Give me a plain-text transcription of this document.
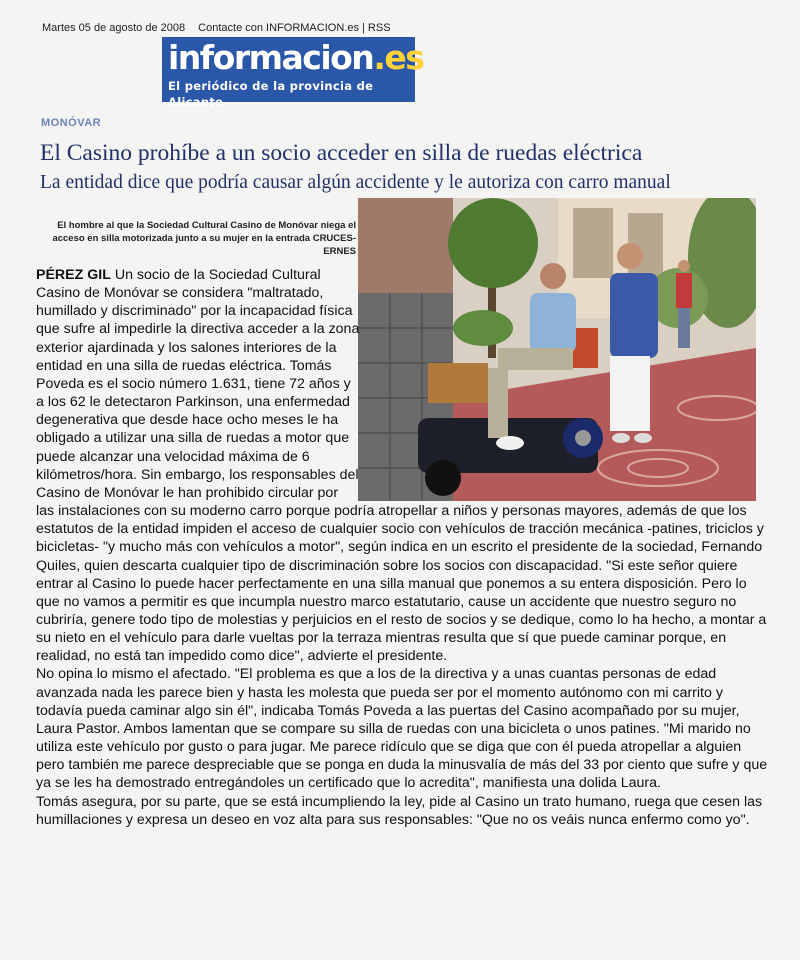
Martes 05 de agosto de 2008 Contacte con INFORMACION.es | RSS
informacion.es
El periódico de la provincia de Alicante
MONÓVAR
El Casino prohíbe a un socio acceder en silla de ruedas eléctrica
La entidad dice que podría causar algún accidente y le autoriza con carro manual
El hombre al que la Sociedad Cultural Casino de Monóvar niega el acceso en silla motorizada junto a su mujer en la entrada CRUCES-ERNES

PÉREZ GIL Un socio de la Sociedad Cultural Casino de Monóvar se considera "maltratado, humillado y discriminado" por la incapacidad física que sufre al impedirle la directiva acceder a la zona exterior ajardinada y los salones interiores de la entidad en una silla de ruedas eléctrica. Tomás Poveda es el socio número 1.631, tiene 72 años y a los 62 le detectaron Parkinson, una enfermedad degenerativa que desde hace ocho meses le ha obligado a utilizar una silla de ruedas a motor que puede alcanzar una velocidad máxima de 6 kilómetros/hora. Sin embargo, los responsables del Casino de Monóvar le han prohibido circular por las instalaciones con su moderno carro porque podría atropellar a niños y personas mayores, además de que los estatutos de la entidad impiden el acceso de cualquier socio con vehículos de tracción mecánica -patines, triciclos y bicicletas- "y mucho más con vehículos a motor", según indica en un escrito el presidente de la sociedad, Fernando Quiles, quien descarta cualquier tipo de discriminación sobre los socios con discapacidad. "Si este señor quiere entrar al Casino lo puede hacer perfectamente en una silla manual que ponemos a su entera disposición. Pero lo que no vamos a permitir es que incumpla nuestro marco estatutario, cause un accidente que nuestro seguro no cubriría, genere todo tipo de molestias y perjuicios en el resto de socios y se dedique, como lo ha hecho, a montar a su nieto en el vehículo para darle vueltas por la terraza mientras resulta que sí que puede caminar porque, en realidad, no está tan impedido como dice", advierte el presidente.

No opina lo mismo el afectado. "El problema es que a los de la directiva y a unas cuantas personas de edad avanzada nada les parece bien y hasta les molesta que pueda ser por el momento autónomo con mi carrito y todavía pueda caminar algo sin él", indicaba Tomás Poveda a las puertas del Casino acompañado por su mujer, Laura Pastor. Ambos lamentan que se compare su silla de ruedas con una bicicleta o unos patines. "Mi marido no utiliza este vehículo por gusto o para jugar. Me parece ridículo que se diga que con él pueda atropellar a alguien pero también me parece despreciable que se ponga en duda la minusvalía de más del 33 por ciento que sufre y que ya se les ha demostrado entregándoles un certificado que lo acredita", manifiesta una dolida Laura.

Tomás asegura, por su parte, que se está incumpliendo la ley, pide al Casino un trato humano, ruega que cesen las humillaciones y expresa un deseo en voz alta para sus responsables: "Que no os veáis nunca enfermo como yo".
